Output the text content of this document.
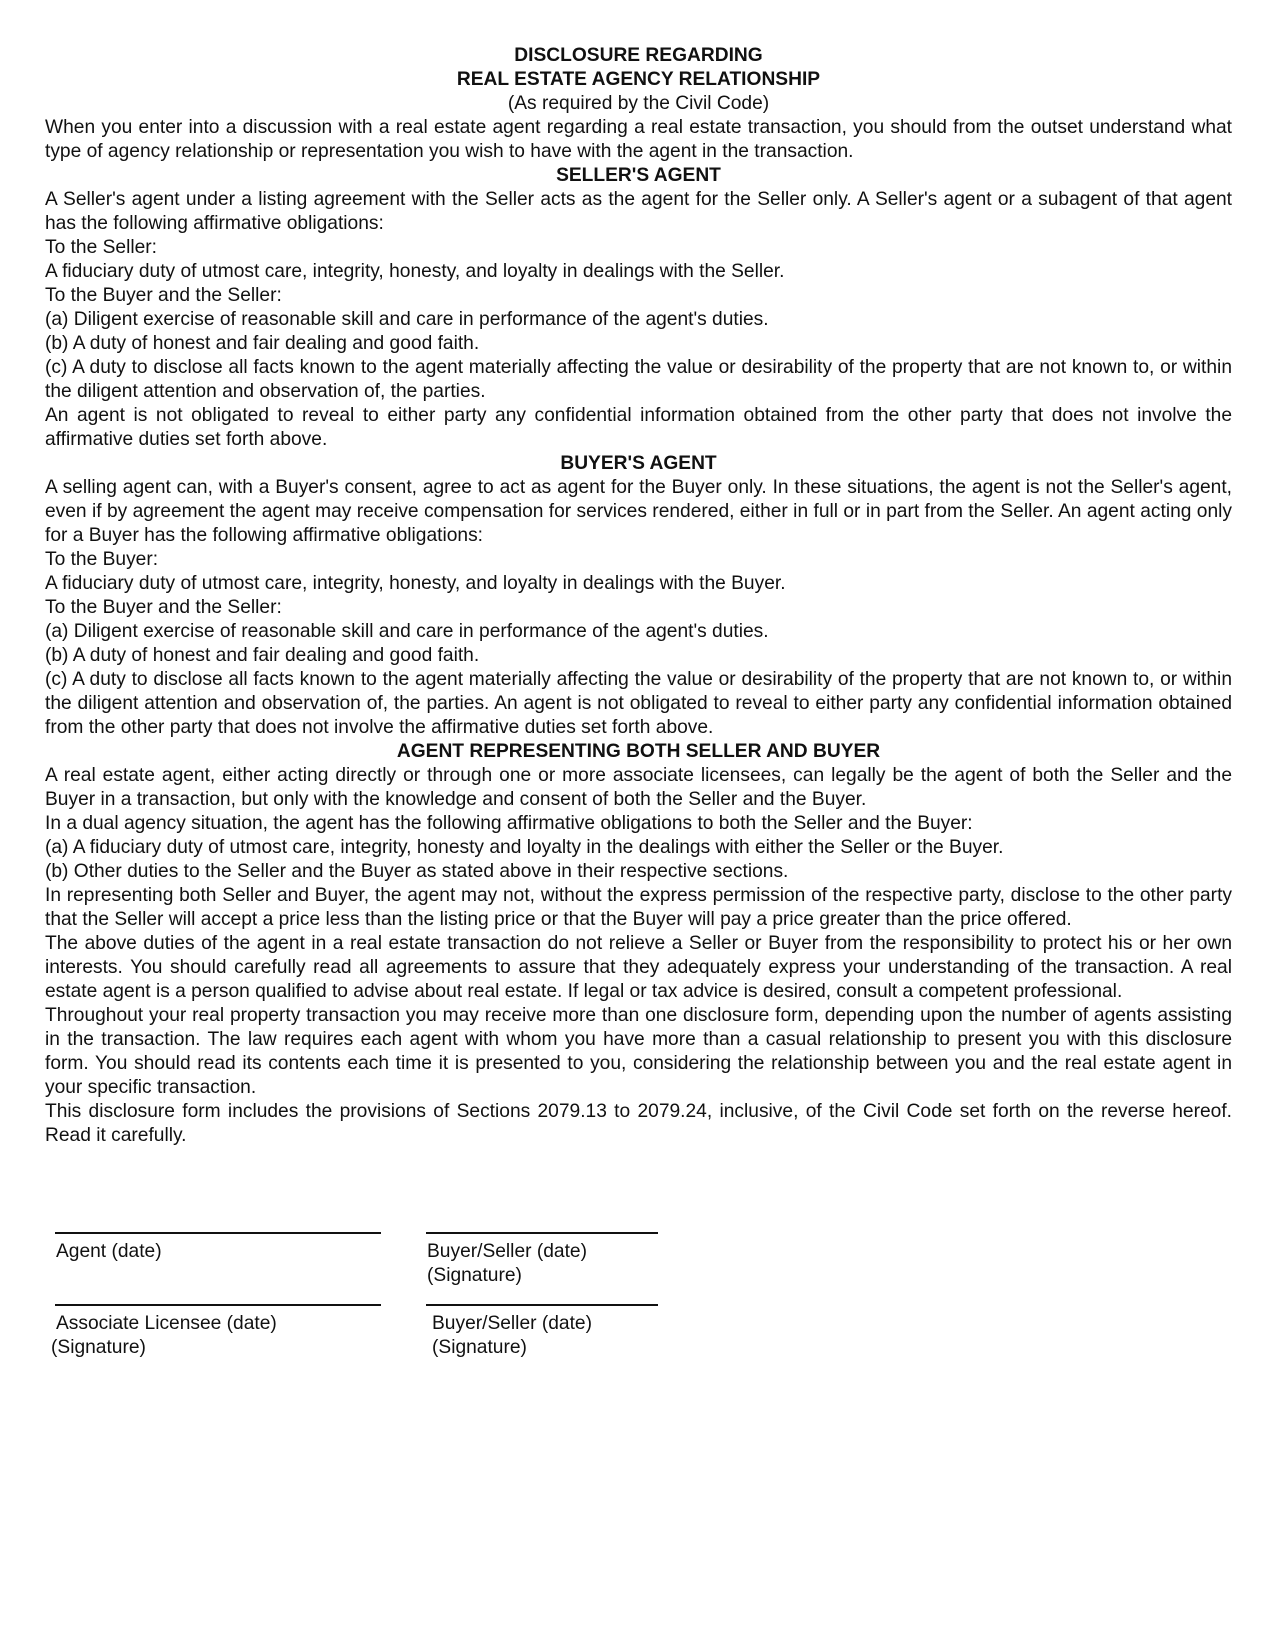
DISCLOSURE REGARDING

REAL ESTATE AGENCY RELATIONSHIP

(As required by the Civil Code)

When you enter into a discussion with a real estate agent regarding a real estate transaction, you should from the outset understand what type of agency relationship or representation you wish to have with the agent in the transaction.

SELLER'S AGENT

A Seller's agent under a listing agreement with the Seller acts as the agent for the Seller only. A Seller's agent or a subagent of that agent has the following affirmative obligations:

To the Seller:

A fiduciary duty of utmost care, integrity, honesty, and loyalty in dealings with the Seller.

To the Buyer and the Seller:

(a) Diligent exercise of reasonable skill and care in performance of the agent's duties.

(b) A duty of honest and fair dealing and good faith.

(c) A duty to disclose all facts known to the agent materially affecting the value or desirability of the property that are not known to, or within the diligent attention and observation of, the parties.

An agent is not obligated to reveal to either party any confidential information obtained from the other party that does not involve the affirmative duties set forth above.

BUYER'S AGENT

A selling agent can, with a Buyer's consent, agree to act as agent for the Buyer only. In these situations, the agent is not the Seller's agent, even if by agreement the agent may receive compensation for services rendered, either in full or in part from the Seller. An agent acting only for a Buyer has the following affirmative obligations:

To the Buyer:

A fiduciary duty of utmost care, integrity, honesty, and loyalty in dealings with the Buyer.

To the Buyer and the Seller:

(a) Diligent exercise of reasonable skill and care in performance of the agent's duties.

(b) A duty of honest and fair dealing and good faith.

(c) A duty to disclose all facts known to the agent materially affecting the value or desirability of the property that are not known to, or within the diligent attention and observation of, the parties. An agent is not obligated to reveal to either party any confidential information obtained from the other party that does not involve the affirmative duties set forth above.

AGENT REPRESENTING BOTH SELLER AND BUYER

A real estate agent, either acting directly or through one or more associate licensees, can legally be the agent of both the Seller and the Buyer in a transaction, but only with the knowledge and consent of both the Seller and the Buyer.

In a dual agency situation, the agent has the following affirmative obligations to both the Seller and the Buyer:

(a) A fiduciary duty of utmost care, integrity, honesty and loyalty in the dealings with either the Seller or the Buyer.

(b) Other duties to the Seller and the Buyer as stated above in their respective sections.

In representing both Seller and Buyer, the agent may not, without the express permission of the respective party, disclose to the other party that the Seller will accept a price less than the listing price or that the Buyer will pay a price greater than the price offered.

The above duties of the agent in a real estate transaction do not relieve a Seller or Buyer from the responsibility to protect his or her own interests. You should carefully read all agreements to assure that they adequately express your understanding of the transaction. A real estate agent is a person qualified to advise about real estate. If legal or tax advice is desired, consult a competent professional.

Throughout your real property transaction you may receive more than one disclosure form, depending upon the number of agents assisting in the transaction. The law requires each agent with whom you have more than a casual relationship to present you with this disclosure form. You should read its contents each time it is presented to you, considering the relationship between you and the real estate agent in your specific transaction.

This disclosure form includes the provisions of Sections 2079.13 to 2079.24, inclusive, of the Civil Code set forth on the reverse hereof. Read it carefully.

Agent (date)	Buyer/Seller (date)
(Signature)
Associate Licensee (date)
(Signature)
Buyer/Seller (date)
(Signature)
